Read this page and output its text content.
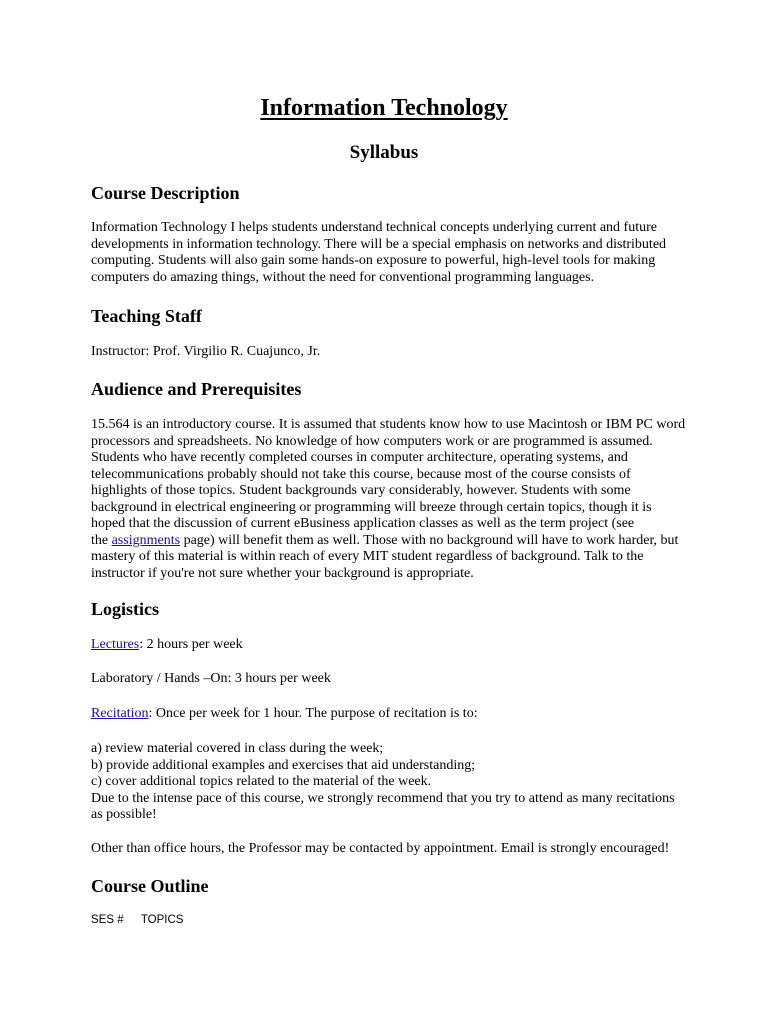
Information Technology
Syllabus
Course Description
Information Technology I helps students understand technical concepts underlying current and future
developments in information technology. There will be a special emphasis on networks and distributed
computing. Students will also gain some hands-on exposure to powerful, high-level tools for making
computers do amazing things, without the need for conventional programming languages.
Teaching Staff
Instructor: Prof. Virgilio R. Cuajunco, Jr.
Audience and Prerequisites
15.564 is an introductory course. It is assumed that students know how to use Macintosh or IBM PC word
processors and spreadsheets. No knowledge of how computers work or are programmed is assumed.
Students who have recently completed courses in computer architecture, operating systems, and
telecommunications probably should not take this course, because most of the course consists of
highlights of those topics. Student backgrounds vary considerably, however. Students with some
background in electrical engineering or programming will breeze through certain topics, though it is
hoped that the discussion of current eBusiness application classes as well as the term project (see
the assignments page) will benefit them as well. Those with no background will have to work harder, but
mastery of this material is within reach of every MIT student regardless of background. Talk to the
instructor if you're not sure whether your background is appropriate.
Logistics
Lectures: 2 hours per week
Laboratory / Hands –On: 3 hours per week
Recitation: Once per week for 1 hour. The purpose of recitation is to:
a) review material covered in class during the week;
b) provide additional examples and exercises that aid understanding;
c) cover additional topics related to the material of the week.
Due to the intense pace of this course, we strongly recommend that you try to attend as many recitations
as possible!
Other than office hours, the Professor may be contacted by appointment. Email is strongly encouraged!
Course Outline
SES # TOPICS
